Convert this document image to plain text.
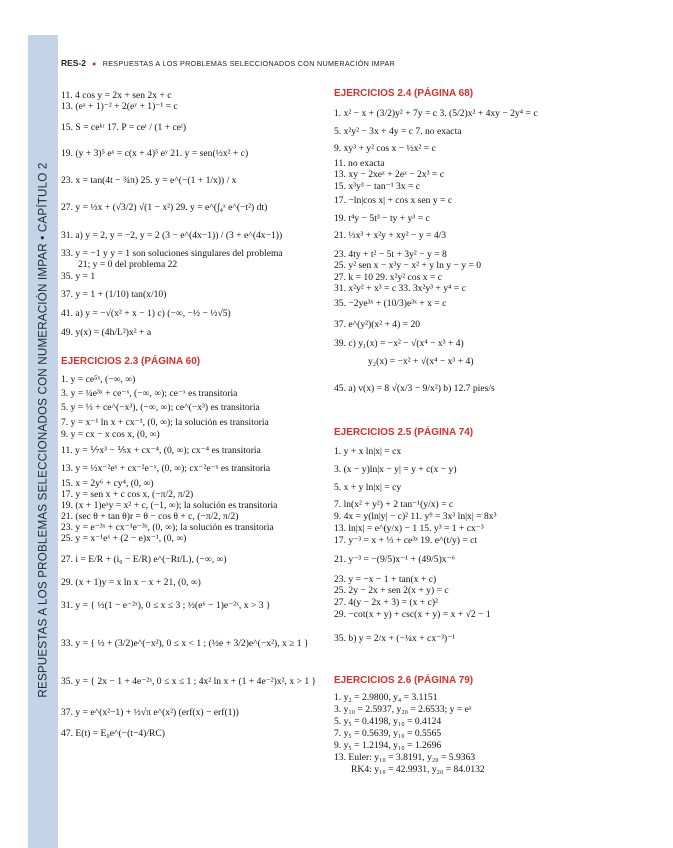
RESPUESTAS A LOS PROBLEMAS SELECCIONADOS CON NUMERACIÓN IMPAR • CAPÍTULO 2
RES-2 ● RESPUESTAS A LOS PROBLEMAS SELECCIONADOS CON NUMERACIÓN IMPAR
11. 4 cos y = 2x + sen 2x + c
13. (eˣ + 1)⁻² + 2(eʸ + 1)⁻¹ = c
15. S = ceᵏʳ 17. P = ceᵗ / (1 + ceᵗ)
19. (y + 3)⁵ eˣ = c(x + 4)⁵ eʸ 21. y = sen(½x² + c)
23. x = tan(4t − ¾π) 25. y = e^(−(1 + 1/x)) / x
27. y = ½x + (√3/2) √(1 − x²) 29. y = e^(∫₄ˣ e^(−t²) dt)
31. a) y = 2, y = −2, y = 2 (3 − e^(4x−1)) / (3 + e^(4x−1))
33. y = −1 y y = 1 son soluciones singulares del problema
21; y = 0 del problema 22
35. y = 1
37. y = 1 + (1/10) tan(x/10)
41. a) y = −√(x² + x − 1) c) (−∞, −½ − ½√5)
49. y(x) = (4h/L²)x² + a
EJERCICIOS 2.3 (PÁGINA 60)
1. y = ce⁵ˣ, (−∞, ∞)
3. y = ¼e³ˣ + ce⁻ˣ, (−∞, ∞); ce⁻ˣ es transitoria
5. y = ⅓ + ce^(−x³), (−∞, ∞); ce^(−x³) es transitoria
7. y = x⁻¹ ln x + cx⁻¹, (0, ∞); la solución es transitoria
9. y = cx − x cos x, (0, ∞)
11. y = ⅐x³ − ⅕x + cx⁻⁴, (0, ∞); cx⁻⁴ es transitoria
13. y = ½x⁻²eˣ + cx⁻²e⁻ˣ, (0, ∞); cx⁻²e⁻ˣ es transitoria
15. x = 2y⁶ + cy⁴, (0, ∞)
17. y = sen x + c cos x, (−π/2, π/2)
19. (x + 1)eˣy = x² + c, (−1, ∞); la solución es transitoria
21. (sec θ + tan θ)r = θ − cos θ + c, (−π/2, π/2)
23. y = e⁻³ˣ + cx⁻¹e⁻³ˣ, (0, ∞); la solución es transitoria
25. y = x⁻¹eˣ + (2 − e)x⁻¹, (0, ∞)
27. i = E/R + (i₀ − E/R) e^(−Rt/L), (−∞, ∞)
29. (x + 1)y = x ln x − x + 21, (0, ∞)
31. y = { ½(1 − e⁻²ˣ), 0 ≤ x ≤ 3 ; ½(e⁶ − 1)e⁻²ˣ, x > 3 }
33. y = { ½ + (3/2)e^(−x²), 0 ≤ x < 1 ; (½e + 3/2)e^(−x²), x ≥ 1 }
35. y = { 2x − 1 + 4e⁻²ˣ, 0 ≤ x ≤ 1 ; 4x² ln x + (1 + 4e⁻²)x², x > 1 }
37. y = e^(x²−1) + ½√π e^(x²) (erf(x) − erf(1))
47. E(t) = E₀e^(−(t−4)/RC)
EJERCICIOS 2.4 (PÁGINA 68)
1. x² − x + (3/2)y² + 7y = c 3. (5/2)x² + 4xy − 2y⁴ = c
5. x²y² − 3x + 4y = c 7. no exacta
9. xy³ + y² cos x − ½x² = c
11. no exacta
13. xy − 2xeˣ + 2eˣ − 2x³ = c
15. x³y³ − tan⁻¹ 3x = c
17. −ln|cos x| + cos x sen y = c
19. t⁴y − 5t³ − ty + y³ = c
21. ⅓x³ + x²y + xy² − y = 4/3
23. 4ty + t² − 5t + 3y² − y = 8
25. y² sen x − x³y − x² + y ln y − y = 0
27. k = 10 29. x²y² cos x = c
31. x²y² + x³ = c 33. 3x²y³ + y⁴ = c
35. −2ye³ˣ + (10/3)e³ˣ + x = c
37. e^(y²)(x² + 4) = 20
39. c) y₁(x) = −x² − √(x⁴ − x³ + 4)
y₂(x) = −x² + √(x⁴ − x³ + 4)
45. a) v(x) = 8 √(x/3 − 9/x²) b) 12.7 pies/s
EJERCICIOS 2.5 (PÁGINA 74)
1. y + x ln|x| = cx
3. (x − y)ln|x − y| = y + c(x − y)
5. x + y ln|x| = cy
7. ln(x² + y²) + 2 tan⁻¹(y/x) = c
9. 4x = y(ln|y| − c)² 11. y⁹ = 3x³ ln|x| = 8x³
13. ln|x| = e^(y/x) − 1 15. y³ = 1 + cx⁻³
17. y⁻³ = x + ⅓ + ce³ˣ 19. e^(t/y) = ct
21. y⁻³ = −(9/5)x⁻¹ + (49/5)x⁻⁶
23. y = −x − 1 + tan(x + c)
25. 2y − 2x + sen 2(x + y) = c
27. 4(y − 2x + 3) = (x + c)²
29. −cot(x + y) + csc(x + y) = x + √2 − 1
35. b) y = 2/x + (−¼x + cx⁻³)⁻¹
EJERCICIOS 2.6 (PÁGINA 79)
1. y₂ = 2.9800, y₄ = 3.1151
3. y₁₀ = 2.5937, y₂₀ = 2.6533; y = eˣ
5. y₅ = 0.4198, y₁₀ = 0.4124
7. y₅ = 0.5639, y₁₀ = 0.5565
9. y₅ = 1.2194, y₁₀ = 1.2696
13. Euler: y₁₀ = 3.8191, y₂₀ = 5.9363
RK4: y₁₀ = 42.9931, y₂₀ = 84.0132
